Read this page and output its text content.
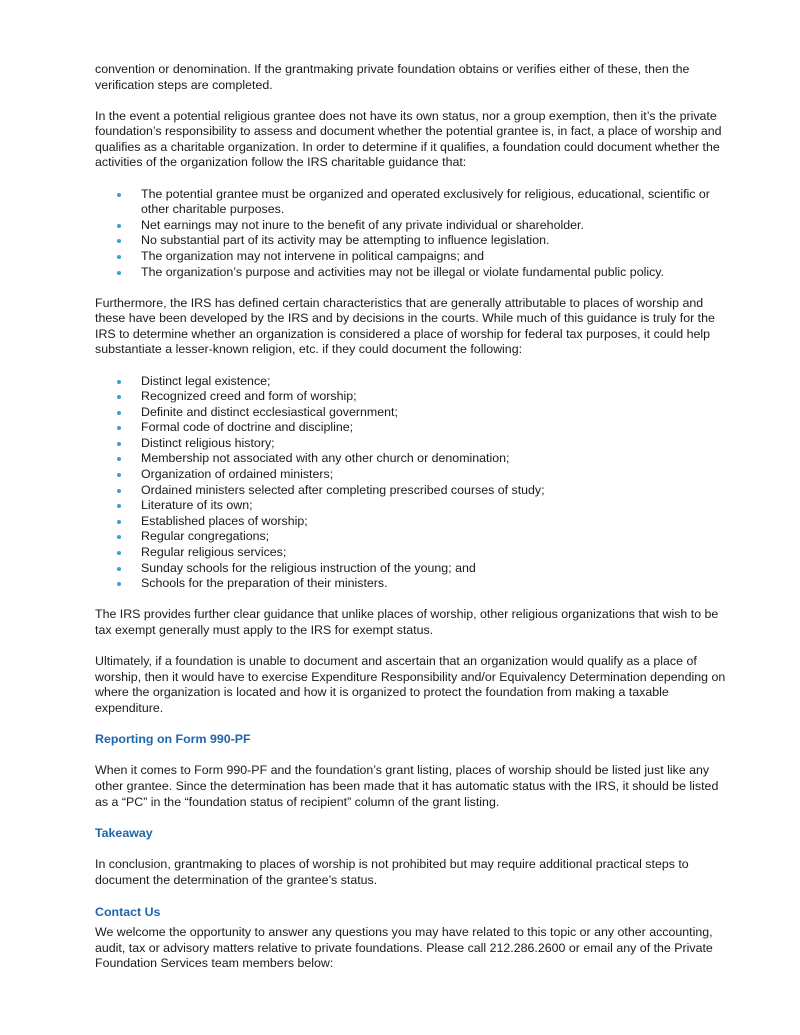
convention or denomination. If the grantmaking private foundation obtains or verifies either of these, then the verification steps are completed.

In the event a potential religious grantee does not have its own status, nor a group exemption, then it’s the private foundation’s responsibility to assess and document whether the potential grantee is, in fact, a place of worship and qualifies as a charitable organization. In order to determine if it qualifies, a foundation could document whether the activities of the organization follow the IRS charitable guidance that:

The potential grantee must be organized and operated exclusively for religious, educational, scientific or other charitable purposes.
Net earnings may not inure to the benefit of any private individual or shareholder.
No substantial part of its activity may be attempting to influence legislation.
The organization may not intervene in political campaigns; and
The organization’s purpose and activities may not be illegal or violate fundamental public policy.

Furthermore, the IRS has defined certain characteristics that are generally attributable to places of worship and these have been developed by the IRS and by decisions in the courts. While much of this guidance is truly for the IRS to determine whether an organization is considered a place of worship for federal tax purposes, it could help substantiate a lesser-known religion, etc. if they could document the following:

Distinct legal existence;
Recognized creed and form of worship;
Definite and distinct ecclesiastical government;
Formal code of doctrine and discipline;
Distinct religious history;
Membership not associated with any other church or denomination;
Organization of ordained ministers;
Ordained ministers selected after completing prescribed courses of study;
Literature of its own;
Established places of worship;
Regular congregations;
Regular religious services;
Sunday schools for the religious instruction of the young; and
Schools for the preparation of their ministers.

The IRS provides further clear guidance that unlike places of worship, other religious organizations that wish to be tax exempt generally must apply to the IRS for exempt status.

Ultimately, if a foundation is unable to document and ascertain that an organization would qualify as a place of worship, then it would have to exercise Expenditure Responsibility and/or Equivalency Determination depending on where the organization is located and how it is organized to protect the foundation from making a taxable expenditure.

Reporting on Form 990-PF

When it comes to Form 990-PF and the foundation’s grant listing, places of worship should be listed just like any other grantee. Since the determination has been made that it has automatic status with the IRS, it should be listed as a “PC” in the “foundation status of recipient” column of the grant listing.

Takeaway

In conclusion, grantmaking to places of worship is not prohibited but may require additional practical steps to document the determination of the grantee’s status.

Contact Us

We welcome the opportunity to answer any questions you may have related to this topic or any other accounting, audit, tax or advisory matters relative to private foundations. Please call 212.286.2600 or email any of the Private Foundation Services team members below:
